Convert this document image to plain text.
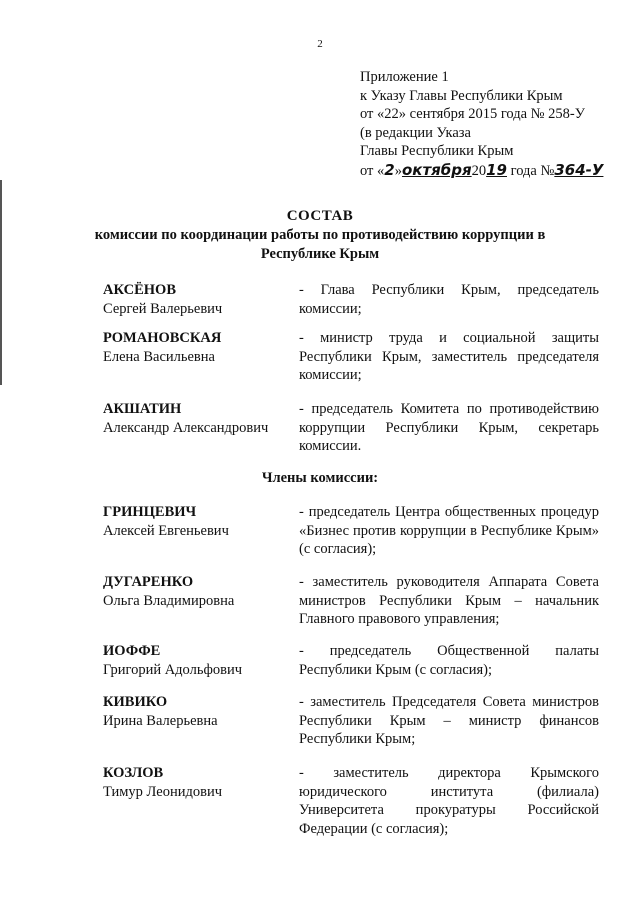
2
Приложение 1
к Указу Главы Республики Крым
от «22» сентября 2015 года № 258-У
(в редакции Указа
Главы Республики Крым
от «2»октября2019 года №364-У
СОСТАВ
комиссии по координации работы по противодействию коррупции в
Республике Крым
АКСЁНОВ
Сергей Валерьевич
- Глава Республики Крым, председатель комиссии;
РОМАНОВСКАЯ
Елена Васильевна
- министр труда и социальной защиты Республики Крым, заместитель председателя комиссии;
АКШАТИН
Александр Александрович
- председатель Комитета по противодействию коррупции Республики Крым, секретарь комиссии.
Члены комиссии:
ГРИНЦЕВИЧ
Алексей Евгеньевич
- председатель Центра общественных процедур «Бизнес против коррупции в Республике Крым» (с согласия);
ДУГАРЕНКО
Ольга Владимировна
- заместитель руководителя Аппарата Совета министров Республики Крым – начальник Главного правового управления;
ИОФФЕ
Григорий Адольфович
- председатель Общественной палаты Республики Крым (с согласия);
КИВИКО
Ирина Валерьевна
- заместитель Председателя Совета министров Республики Крым – министр финансов Республики Крым;
КОЗЛОВ
Тимур Леонидович
- заместитель директора Крымского юридического института (филиала) Университета прокуратуры Российской Федерации (с согласия);
